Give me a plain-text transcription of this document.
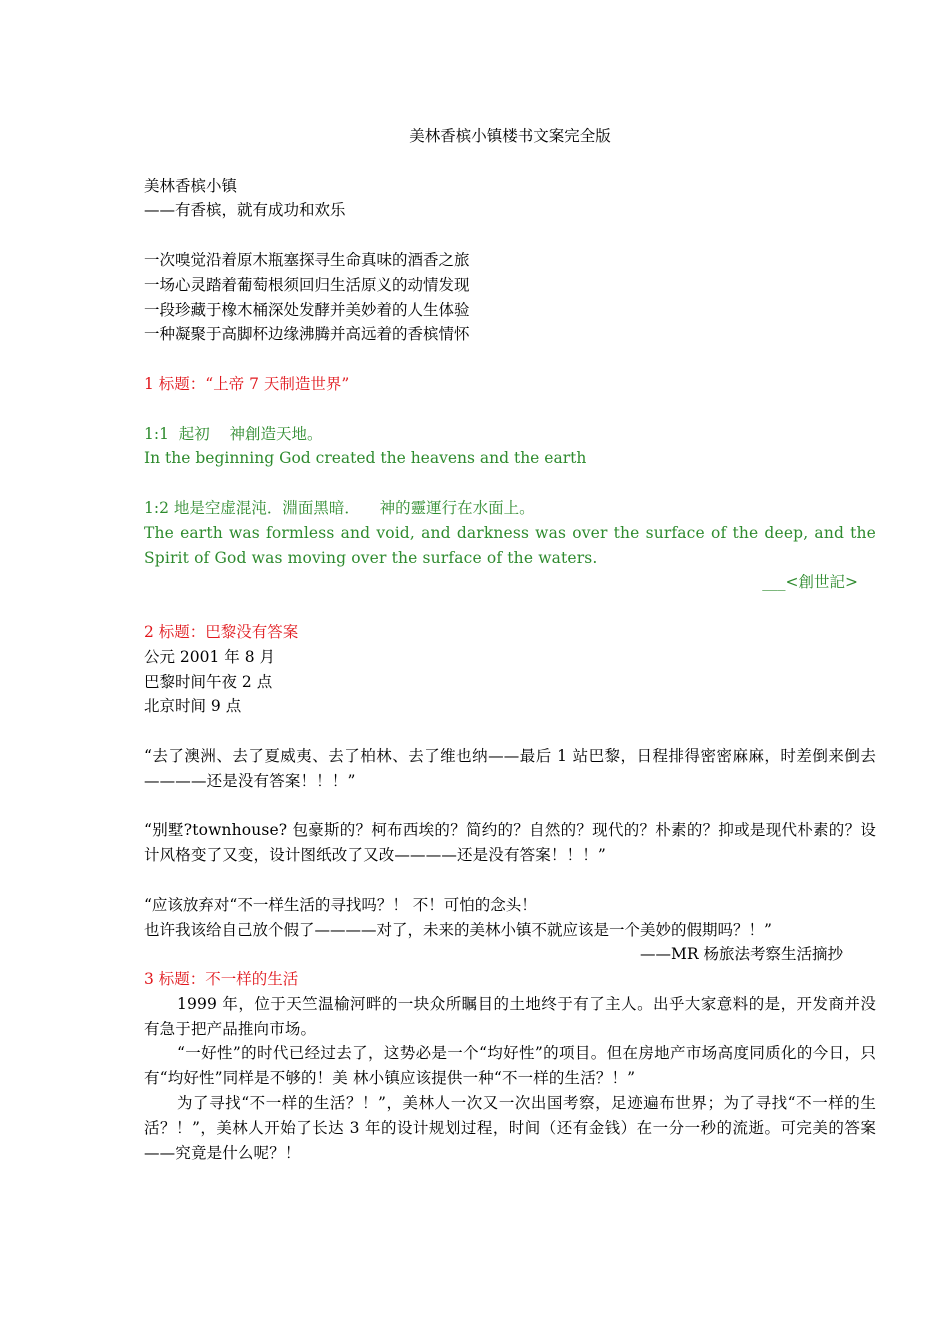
美林香槟小镇楼书文案完全版
美林香槟小镇
——有香槟，就有成功和欢乐
一次嗅觉沿着原木瓶塞探寻生命真味的酒香之旅
一场心灵踏着葡萄根须回归生活原义的动情发现
一段珍藏于橡木桶深处发酵并美妙着的人生体验
一种凝聚于高脚杯边缘沸腾并高远着的香槟情怀
1 标题：“上帝 7 天制造世界”
1:1  起初    神創造天地。
In the beginning God created the heavens and the earth
1:2 地是空虚混沌．淵面黑暗．    神的靈運行在水面上。
The earth was formless and void, and darkness was over the surface of the deep, and the Spirit of God was moving over the surface of the waters.
___<創世記>
2 标题：巴黎没有答案
公元 2001 年 8 月
巴黎时间午夜 2 点
北京时间 9 点
“去了澳洲、去了夏威夷、去了柏林、去了维也纳——最后 1 站巴黎，日程排得密密麻麻，时差倒来倒去————还是没有答案！！！”
“别墅?townhouse? 包豪斯的？柯布西埃的？简约的？自然的？现代的？朴素的？抑或是现代朴素的？设计风格变了又变，设计图纸改了又改————还是没有答案！！！”
“应该放弃对“不一样生活的寻找吗？！ 不！可怕的念头！
也许我该给自己放个假了————对了，未来的美林小镇不就应该是一个美妙的假期吗？！”
——MR 杨旅法考察生活摘抄
3 标题：不一样的生活
1999 年，位于天竺温榆河畔的一块众所瞩目的土地终于有了主人。出乎大家意料的是，开发商并没有急于把产品推向市场。
“一好性”的时代已经过去了，这势必是一个“均好性”的项目。但在房地产市场高度同质化的今日，只有“均好性”同样是不够的！美 林小镇应该提供一种“不一样的生活？！”
为了寻找“不一样的生活？！”，美林人一次又一次出国考察，足迹遍布世界；为了寻找“不一样的生活？！”，美林人开始了长达 3 年的设计规划过程，时间（还有金钱）在一分一秒的流逝。可完美的答案——究竟是什么呢？！
